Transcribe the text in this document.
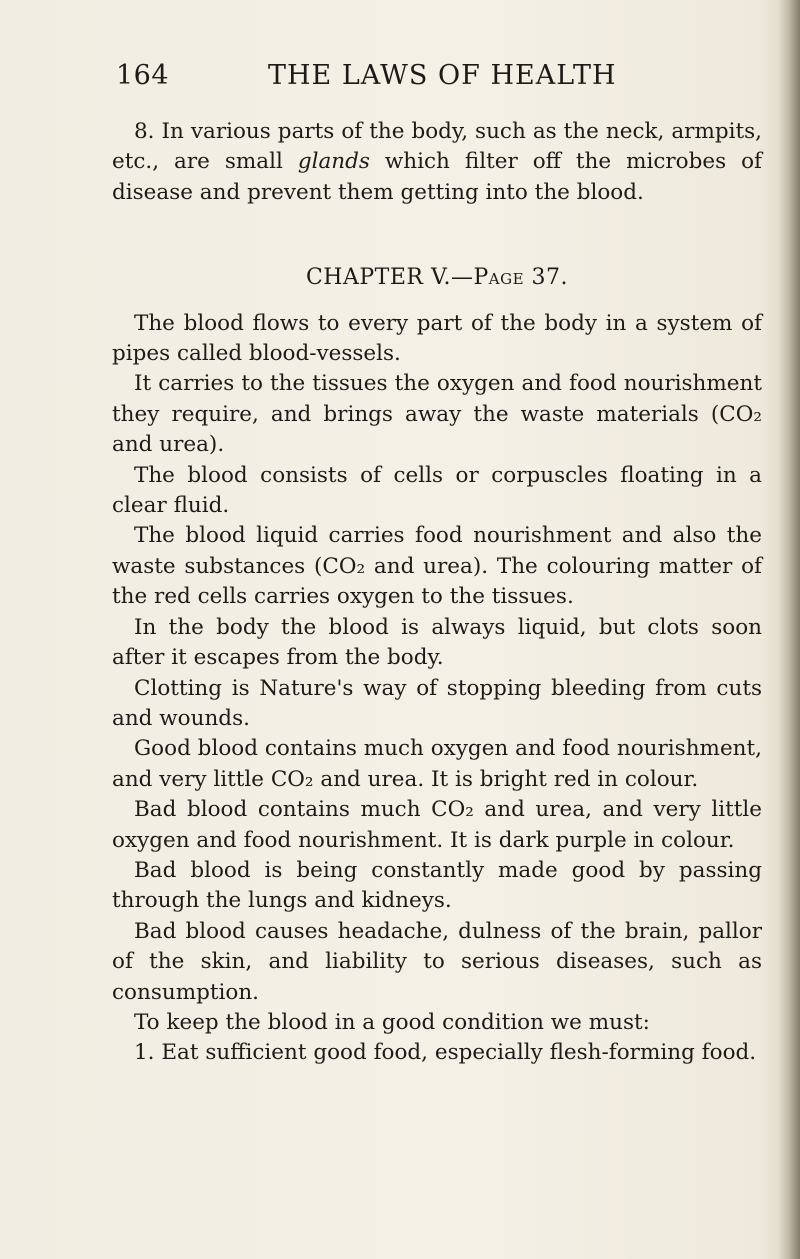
164	THE LAWS OF HEALTH

8. In various parts of the body, such as the neck, armpits, etc., are small glands which filter off the microbes of disease and prevent them getting into the blood.

CHAPTER V.—Page 37.

The blood flows to every part of the body in a system of pipes called blood-vessels.

It carries to the tissues the oxygen and food nourishment they require, and brings away the waste materials (CO₂ and urea).

The blood consists of cells or corpuscles floating in a clear fluid.

The blood liquid carries food nourishment and also the waste substances (CO₂ and urea). The colouring matter of the red cells carries oxygen to the tissues.

In the body the blood is always liquid, but clots soon after it escapes from the body.

Clotting is Nature's way of stopping bleeding from cuts and wounds.

Good blood contains much oxygen and food nourishment, and very little CO₂ and urea. It is bright red in colour.

Bad blood contains much CO₂ and urea, and very little oxygen and food nourishment. It is dark purple in colour.

Bad blood is being constantly made good by passing through the lungs and kidneys.

Bad blood causes headache, dulness of the brain, pallor of the skin, and liability to serious diseases, such as consumption.

To keep the blood in a good condition we must:

1. Eat sufficient good food, especially flesh-forming food.
